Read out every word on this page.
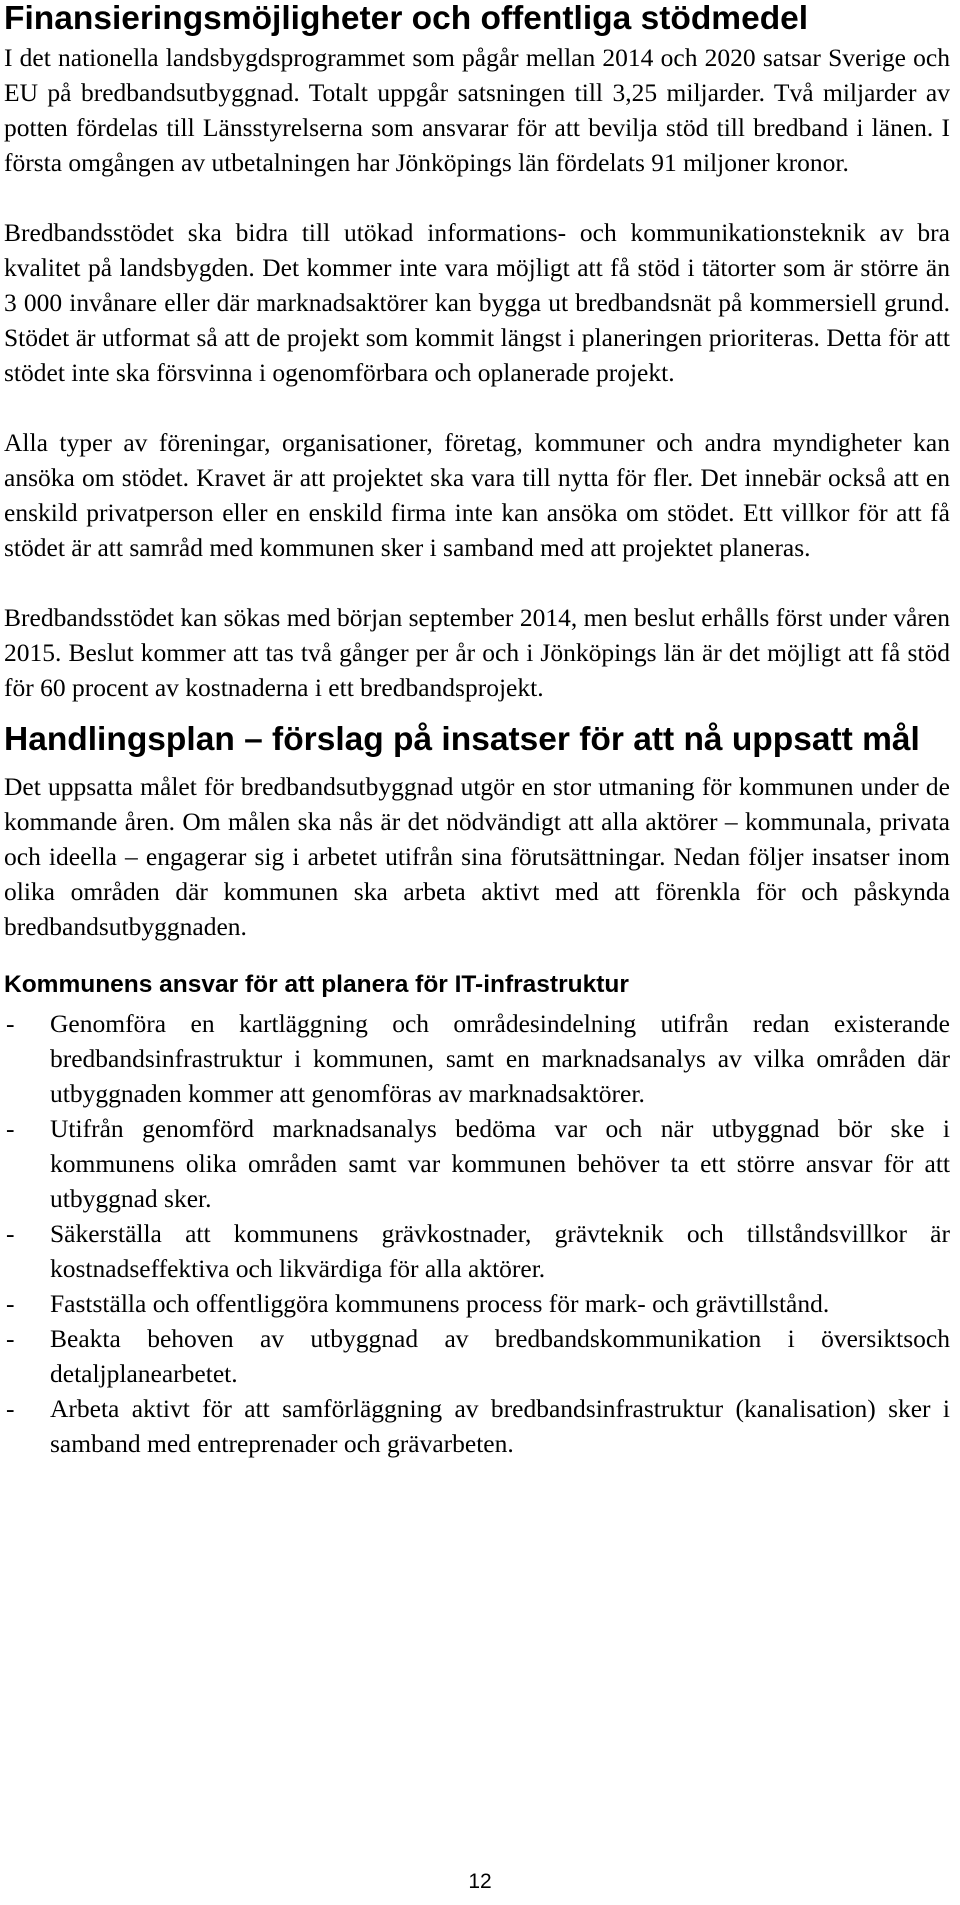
Finansieringsmöjligheter och offentliga stödmedel

I det nationella landsbygdsprogrammet som pågår mellan 2014 och 2020 satsar Sverige och EU på bredbandsutbyggnad. Totalt uppgår satsningen till 3,25 miljarder. Två miljarder av potten fördelas till Länsstyrelserna som ansvarar för att bevilja stöd till bredband i länen. I första omgången av utbetalningen har Jönköpings län fördelats 91 miljoner kronor.

Bredbandsstödet ska bidra till utökad informations- och kommunikationsteknik av bra kvalitet på landsbygden. Det kommer inte vara möjligt att få stöd i tätorter som är större än 3 000 invånare eller där marknadsaktörer kan bygga ut bredbandsnät på kommersiell grund. Stödet är utformat så att de projekt som kommit längst i planeringen prioriteras. Detta för att stödet inte ska försvinna i ogenomförbara och oplanerade projekt.

Alla typer av föreningar, organisationer, företag, kommuner och andra myndigheter kan ansöka om stödet. Kravet är att projektet ska vara till nytta för fler. Det innebär också att en enskild privatperson eller en enskild firma inte kan ansöka om stödet. Ett villkor för att få stödet är att samråd med kommunen sker i samband med att projektet planeras.

Bredbandsstödet kan sökas med början september 2014, men beslut erhålls först under våren 2015. Beslut kommer att tas två gånger per år och i Jönköpings län är det möjligt att få stöd för 60 procent av kostnaderna i ett bredbandsprojekt.

Handlingsplan – förslag på insatser för att nå uppsatt mål

Det uppsatta målet för bredbandsutbyggnad utgör en stor utmaning för kommunen under de kommande åren. Om målen ska nås är det nödvändigt att alla aktörer – kommunala, privata och ideella – engagerar sig i arbetet utifrån sina förutsättningar. Nedan följer insatser inom olika områden där kommunen ska arbeta aktivt med att förenkla för och påskynda bredbandsutbyggnaden.

Kommunens ansvar för att planera för IT-infrastruktur
- Genomföra en kartläggning och områdesindelning utifrån redan existerande bredbandsinfrastruktur i kommunen, samt en marknadsanalys av vilka områden där utbyggnaden kommer att genomföras av marknadsaktörer.
- Utifrån genomförd marknadsanalys bedöma var och när utbyggnad bör ske i kommunens olika områden samt var kommunen behöver ta ett större ansvar för att utbyggnad sker.
- Säkerställa att kommunens grävkostnader, grävteknik och tillståndsvillkor är kostnadseffektiva och likvärdiga för alla aktörer.
- Fastställa och offentliggöra kommunens process för mark- och grävtillstånd.
- Beakta behoven av utbyggnad av bredbandskommunikation i översiktsoch detaljplanearbetet.
- Arbeta aktivt för att samförläggning av bredbandsinfrastruktur (kanalisation) sker i samband med entreprenader och grävarbeten.
12
